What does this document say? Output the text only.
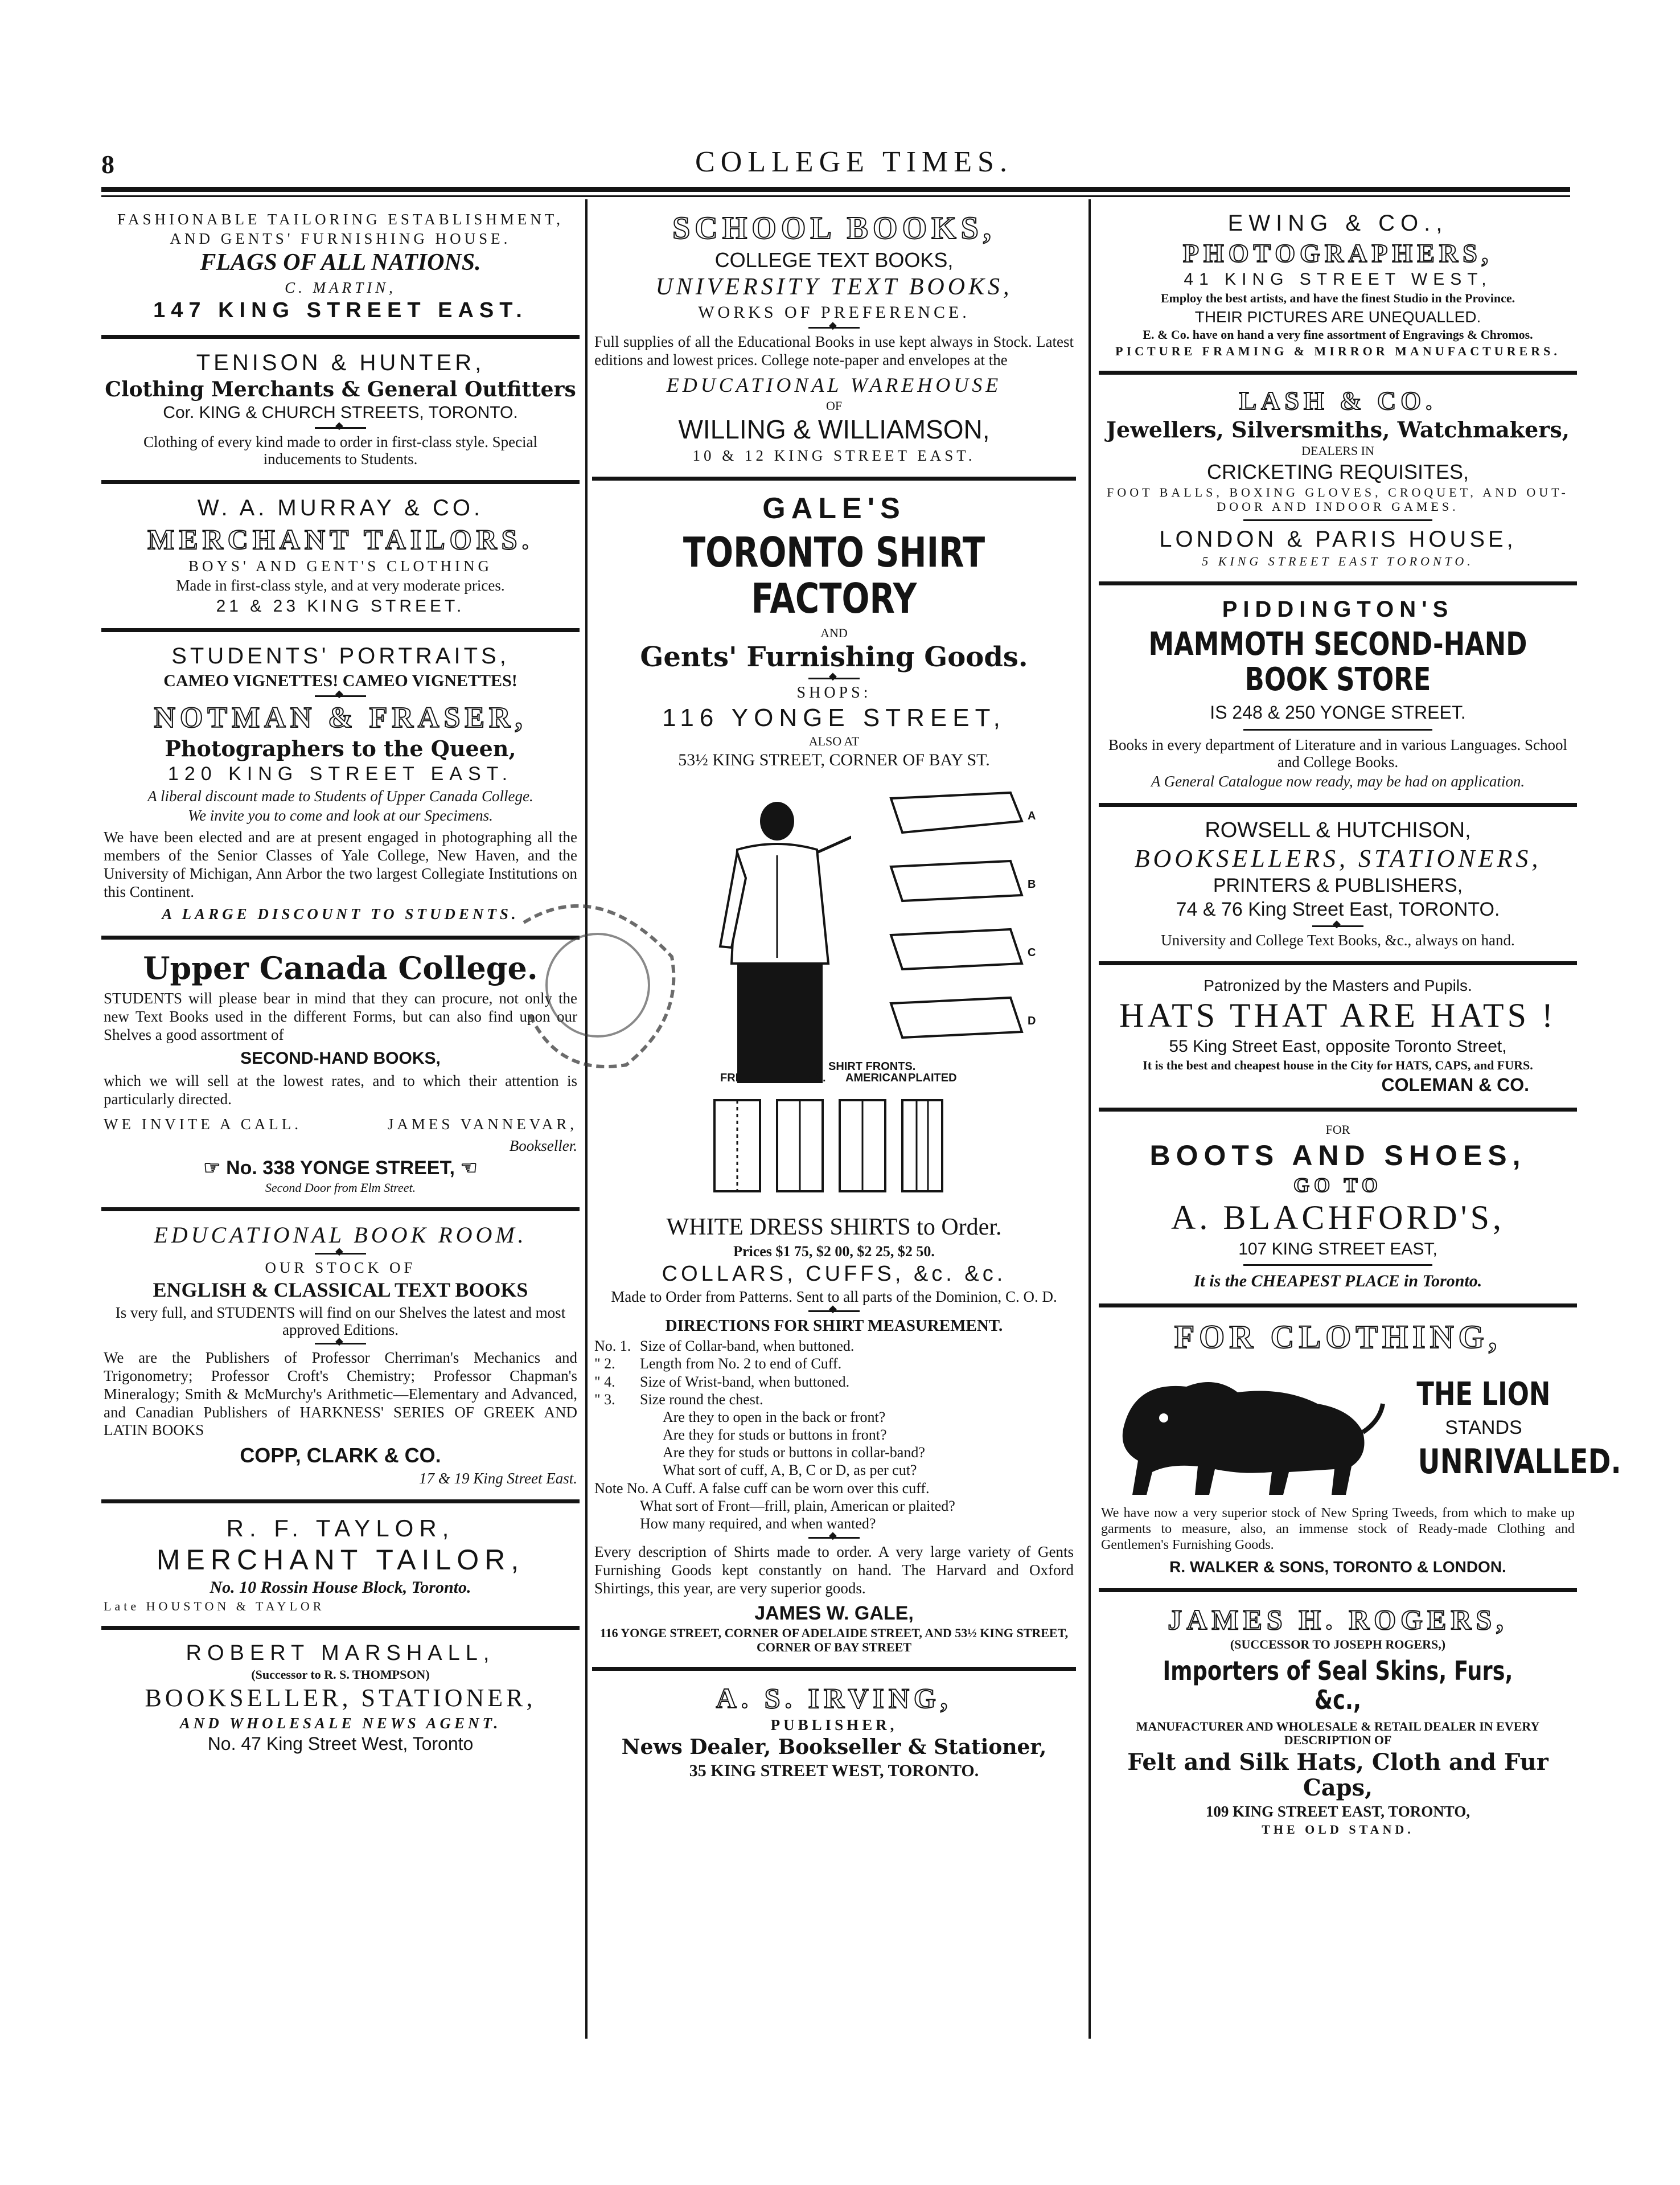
8	COLLEGE TIMES.
FASHIONABLE TAILORING ESTABLISHMENT,
AND GENTS' FURNISHING HOUSE.
FLAGS OF ALL NATIONS.
C. MARTIN,
147 KING STREET EAST.
TENISON & HUNTER,
Clothing Merchants & General Outfitters
Cor. KING & CHURCH STREETS, TORONTO.
◆
Clothing of every kind made to order in first-class style. Special inducements to Students.
W. A. MURRAY & CO.
MERCHANT TAILORS.
BOYS' AND GENT'S CLOTHING
Made in first-class style, and at very moderate prices.
21 & 23 KING STREET.
STUDENTS' PORTRAITS,
CAMEO VIGNETTES! CAMEO VIGNETTES!
◆
NOTMAN & FRASER,
Photographers to the Queen,
120 KING STREET EAST.
A liberal discount made to Students of Upper Canada College.
We invite you to come and look at our Specimens.

We have been elected and are at present engaged in photographing all the members of the Senior Classes of Yale College, New Haven, and the University of Michigan, Ann Arbor the two largest Collegiate Institutions on this Continent.

A LARGE DISCOUNT TO STUDENTS.
Upper Canada College.

STUDENTS will please bear in mind that they can procure, not only the new Text Books used in the different Forms, but can also find upon our Shelves a good assortment of

SECOND-HAND BOOKS,

which we will sell at the lowest rates, and to which their attention is particularly directed.

WE INVITE A CALL.	JAMES VANNEVAR,
Bookseller.
☞ No. 338 YONGE STREET, ☜
Second Door from Elm Street.
EDUCATIONAL BOOK ROOM.
◆
OUR STOCK OF
ENGLISH & CLASSICAL TEXT BOOKS
Is very full, and STUDENTS will find on our Shelves the latest and most approved Editions.
◆

We are the Publishers of Professor Cherriman's Mechanics and Trigonometry; Professor Croft's Chemistry; Professor Chapman's Mineralogy; Smith & McMurchy's Arithmetic—Elementary and Advanced, and Canadian Publishers of HARKNESS' SERIES OF GREEK AND LATIN BOOKS

COPP, CLARK & CO.
17 & 19 King Street East.
R. F. TAYLOR,
MERCHANT TAILOR,
No. 10 Rossin House Block, Toronto.
Late HOUSTON & TAYLOR
ROBERT MARSHALL,
(Successor to R. S. THOMPSON)
BOOKSELLER, STATIONER,
AND WHOLESALE NEWS AGENT.
No. 47 King Street West, Toronto
SCHOOL BOOKS,
COLLEGE TEXT BOOKS,
UNIVERSITY TEXT BOOKS,
WORKS OF PREFERENCE.
◆

Full supplies of all the Educational Books in use kept always in Stock. Latest editions and lowest prices. College note-paper and envelopes at the

EDUCATIONAL WAREHOUSE
OF
WILLING & WILLIAMSON,
10 & 12 KING STREET EAST.
GALE'S
TORONTO SHIRT FACTORY
AND
Gents' Furnishing Goods.
◆
SHOPS:
116 YONGE STREET,
ALSO AT
53½ KING STREET, CORNER OF BAY ST.
A
B
C
D
SHIRT FRONTS.
FRILL.	PLAIN. AMERICAN PLAITED
WHITE DRESS SHIRTS to Order.
Prices $1 75, $2 00, $2 25, $2 50.
COLLARS, CUFFS, &c. &c.
Made to Order from Patterns. Sent to all parts of the Dominion, C. O. D.
◆
DIRECTIONS FOR SHIRT MEASUREMENT.
No. 1. Size of Collar-band, when buttoned.
" 2.	Length from No. 2 to end of Cuff.
" 4.	Size of Wrist-band, when buttoned.
" 3.	Size round the chest.
Are they to open in the back or front?
Are they for studs or buttons in front?
Are they for studs or buttons in collar-band?
What sort of cuff, A, B, C or D, as per cut?
Note No. A Cuff. A false cuff can be worn over this cuff.
What sort of Front—frill, plain, American or plaited?
How many required, and when wanted?
◆

Every description of Shirts made to order. A very large variety of Gents Furnishing Goods kept constantly on hand. The Harvard and Oxford Shirtings, this year, are very superior goods.

JAMES W. GALE,
116 YONGE STREET, CORNER OF ADELAIDE STREET, AND 53½ KING STREET, CORNER OF BAY STREET
A. S. IRVING,
PUBLISHER,
News Dealer, Bookseller & Stationer,
35 KING STREET WEST, TORONTO.
EWING & CO.,
PHOTOGRAPHERS,
41 KING STREET WEST,
Employ the best artists, and have the finest Studio in the Province.
THEIR PICTURES ARE UNEQUALLED.
E. & Co. have on hand a very fine assortment of Engravings & Chromos.
PICTURE FRAMING & MIRROR MANUFACTURERS.
LASH & CO.
Jewellers, Silversmiths, Watchmakers,
DEALERS IN
CRICKETING REQUISITES,
FOOT BALLS, BOXING GLOVES, CROQUET, AND OUT-DOOR AND INDOOR GAMES.
LONDON & PARIS HOUSE,
5 KING STREET EAST TORONTO.
PIDDINGTON'S
MAMMOTH SECOND-HAND BOOK STORE
IS 248 & 250 YONGE STREET.
Books in every department of Literature and in various Languages. School and College Books.
A General Catalogue now ready, may be had on application.
ROWSELL & HUTCHISON,
BOOKSELLERS, STATIONERS,
PRINTERS & PUBLISHERS,
74 & 76 King Street East, TORONTO.
◆
University and College Text Books, &c., always on hand.
Patronized by the Masters and Pupils.
HATS THAT ARE HATS !
55 King Street East, opposite Toronto Street,
It is the best and cheapest house in the City for HATS, CAPS, and FURS.
COLEMAN & CO.
FOR
BOOTS AND SHOES,
GO TO
A. BLACHFORD'S,
107 KING STREET EAST,
It is the CHEAPEST PLACE in Toronto.
FOR CLOTHING,
THE LION
STANDS
UNRIVALLED.

We have now a very superior stock of New Spring Tweeds, from which to make up garments to measure, also, an immense stock of Ready-made Clothing and Gentlemen's Furnishing Goods.

R. WALKER & SONS, TORONTO & LONDON.
JAMES H. ROGERS,
(SUCCESSOR TO JOSEPH ROGERS,)
Importers of Seal Skins, Furs, &c.,
MANUFACTURER AND WHOLESALE & RETAIL DEALER IN EVERY DESCRIPTION OF
Felt and Silk Hats, Cloth and Fur Caps,
109 KING STREET EAST, TORONTO,
THE OLD STAND.
